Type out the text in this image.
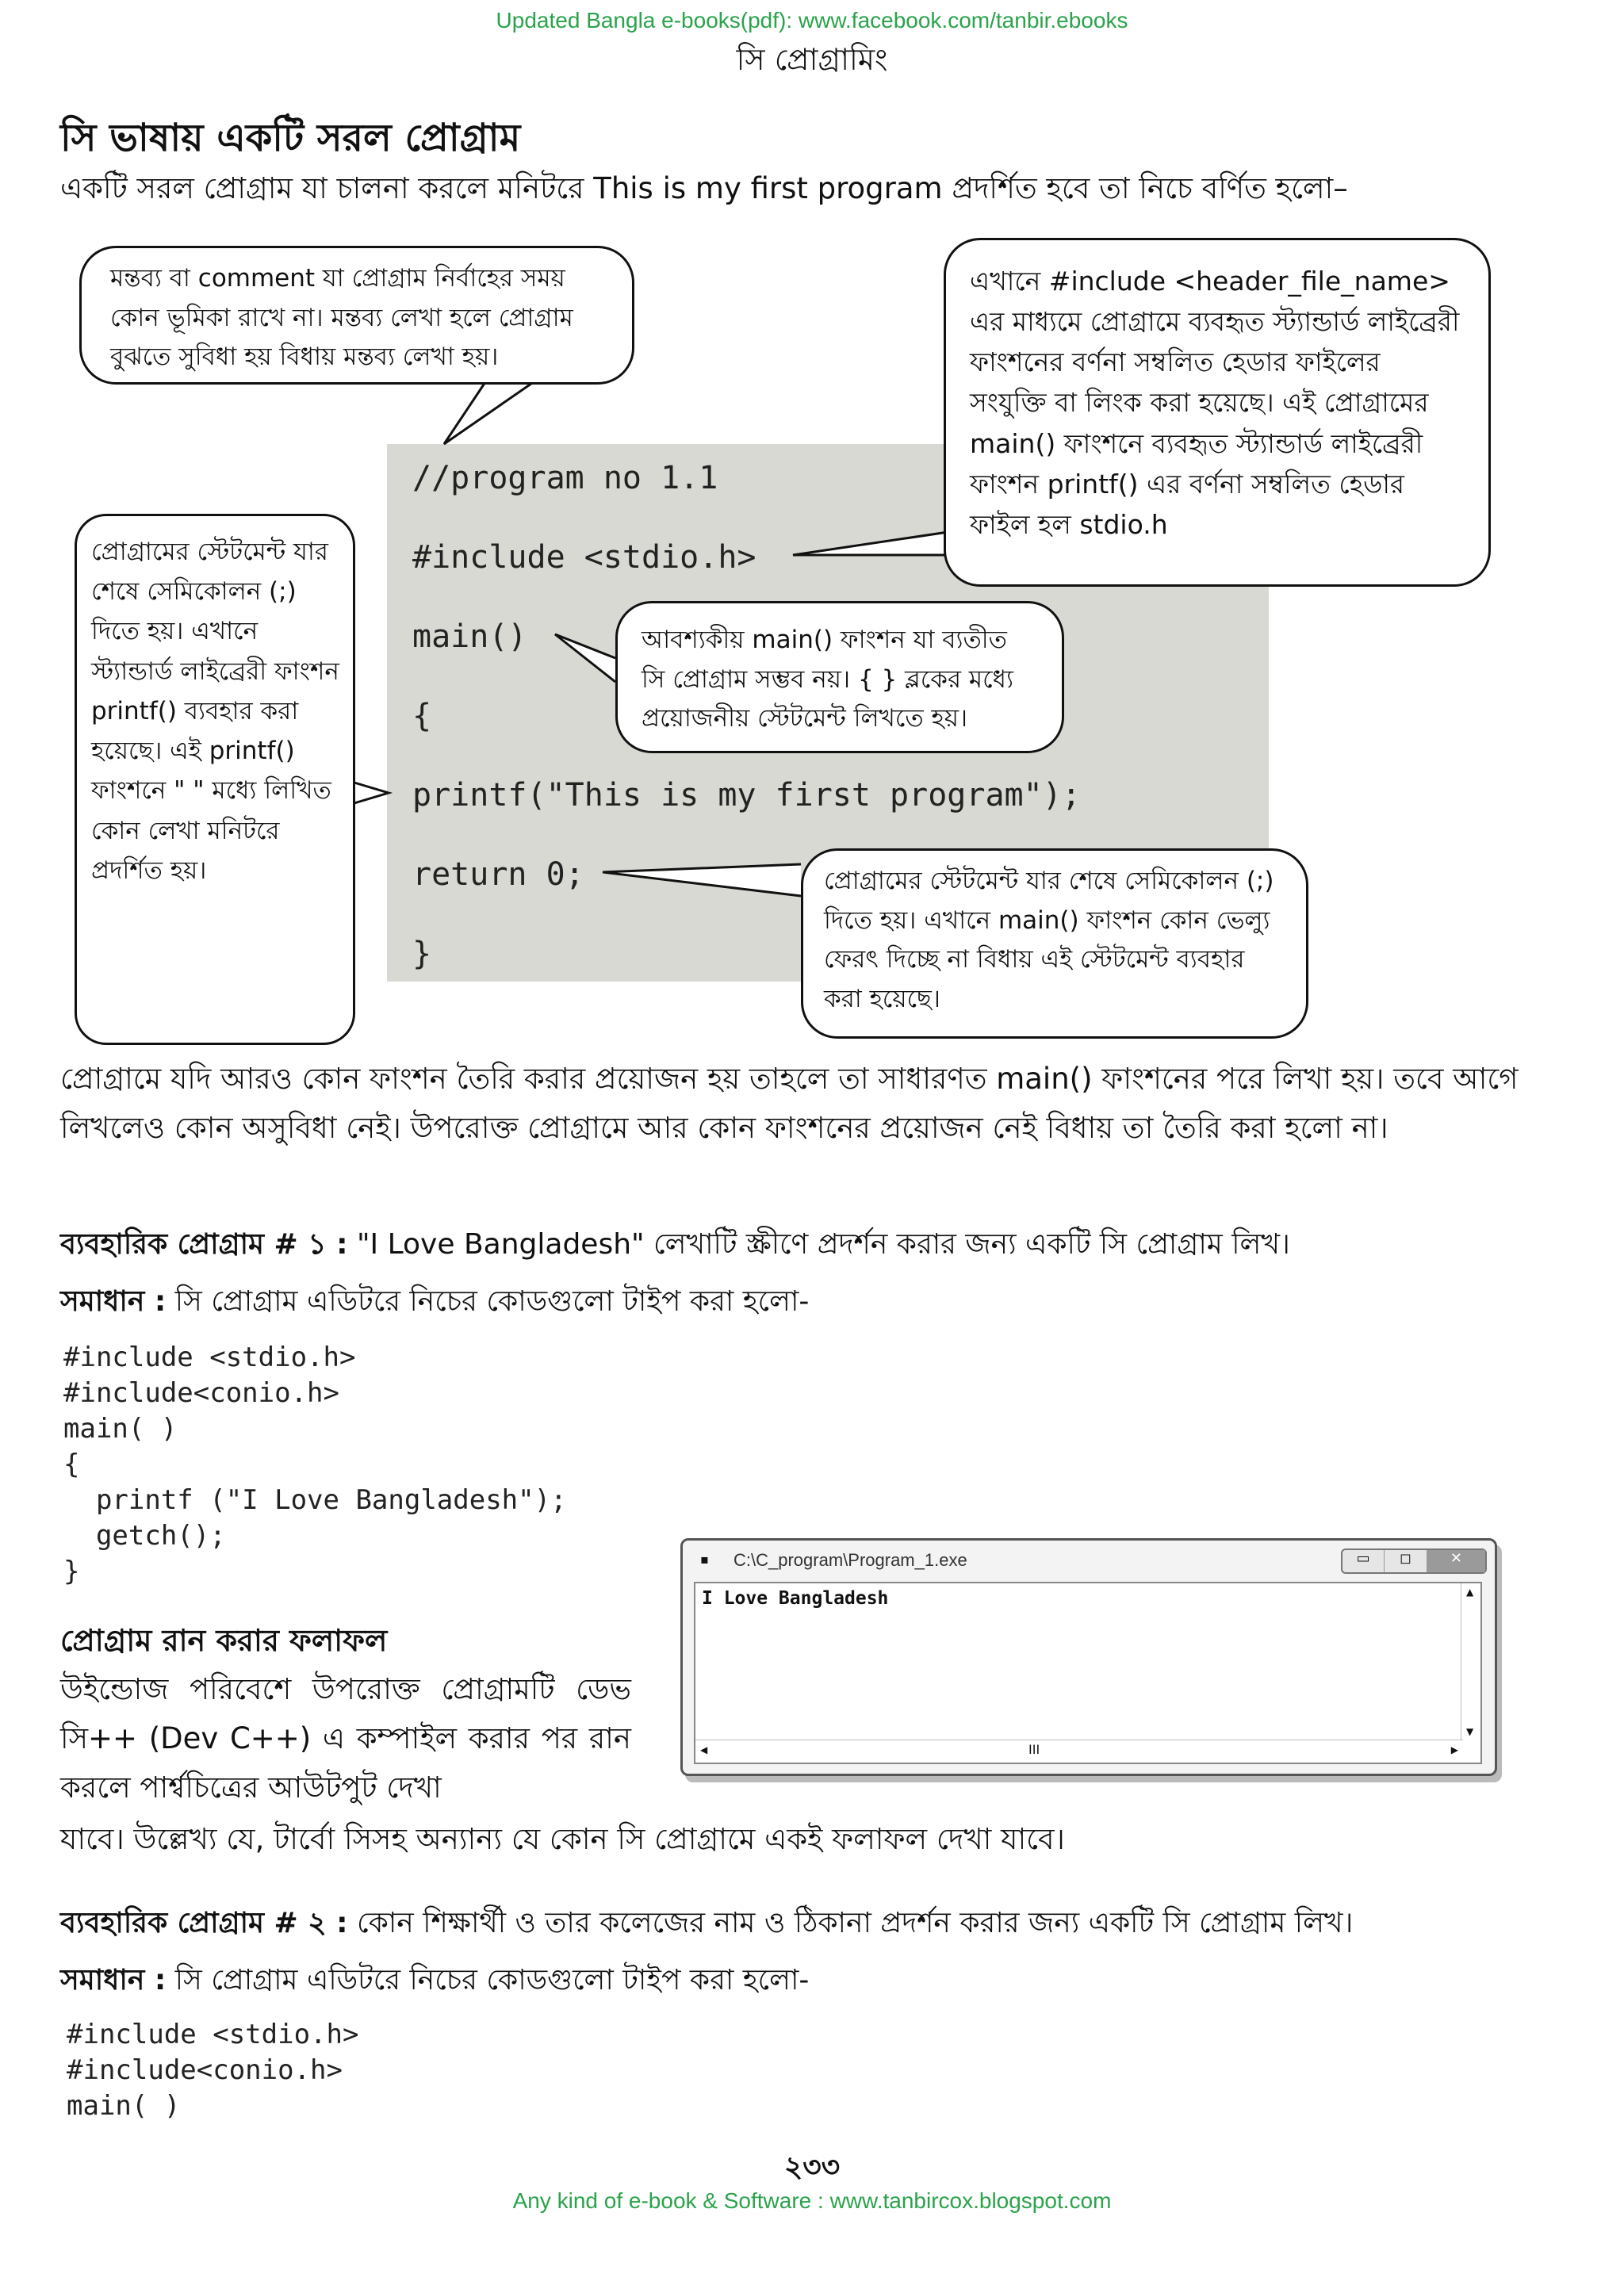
Updated Bangla e-books(pdf): www.facebook.com/tanbir.ebooks
সি প্রোগ্রামিং
সি ভাষায় একটি সরল প্রোগ্রাম
একটি সরল প্রোগ্রাম যা চালনা করলে মনিটরে This is my first program প্রদর্শিত হবে তা নিচে বর্ণিত হলো–
//program no 1.1
#include <stdio.h>
main()
{
printf("This is my first program");
return 0;
}
মন্তব্য বা comment যা প্রোগ্রাম নির্বাহের সময় কোন ভূমিকা রাখে না। মন্তব্য লেখা হলে প্রোগ্রাম বুঝতে সুবিধা হয় বিধায় মন্তব্য লেখা হয়।
এখানে #include <header_file_name> এর মাধ্যমে প্রোগ্রামে ব্যবহৃত স্ট্যান্ডার্ড লাইব্রেরী ফাংশনের বর্ণনা সম্বলিত হেডার ফাইলের সংযুক্তি বা লিংক করা হয়েছে। এই প্রোগ্রামের main() ফাংশনে ব্যবহৃত স্ট্যান্ডার্ড লাইব্রেরী ফাংশন printf() এর বর্ণনা সম্বলিত হেডার ফাইল হল stdio.h
প্রোগ্রামের স্টেটমেন্ট যার শেষে সেমিকোলন (;) দিতে হয়। এখানে স্ট্যান্ডার্ড লাইব্রেরী ফাংশন printf() ব্যবহার করা হয়েছে। এই printf() ফাংশনে " " মধ্যে লিখিত কোন লেখা মনিটরে প্রদর্শিত হয়।
আবশ্যকীয় main() ফাংশন যা ব্যতীত সি প্রোগ্রাম সম্ভব নয়। { } ব্লকের মধ্যে প্রয়োজনীয় স্টেটমেন্ট লিখতে হয়।
প্রোগ্রামের স্টেটমেন্ট যার শেষে সেমিকোলন (;) দিতে হয়। এখানে main() ফাংশন কোন ভেল্যু ফেরৎ দিচ্ছে না বিধায় এই স্টেটমেন্ট ব্যবহার করা হয়েছে।
প্রোগ্রামে যদি আরও কোন ফাংশন তৈরি করার প্রয়োজন হয় তাহলে তা সাধারণত main() ফাংশনের পরে লিখা হয়। তবে আগে লিখলেও কোন অসুবিধা নেই। উপরোক্ত প্রোগ্রামে আর কোন ফাংশনের প্রয়োজন নেই বিধায় তা তৈরি করা হলো না।
ব্যবহারিক প্রোগ্রাম # ১ : "I Love Bangladesh" লেখাটি স্ক্রীণে প্রদর্শন করার জন্য একটি সি প্রোগ্রাম লিখ।
সমাধান : সি প্রোগ্রাম এডিটরে নিচের কোডগুলো টাইপ করা হলো-
#include <stdio.h>
#include<conio.h>
main( )
{
printf ("I Love Bangladesh");
getch();
}
প্রোগ্রাম রান করার ফলাফল
উইন্ডোজ পরিবেশে উপরোক্ত প্রোগ্রামটি ডেভ সি++ (Dev C++) এ কম্পাইল করার পর রান করলে পার্শ্বচিত্রের আউটপুট দেখা
যাবে। উল্লেখ্য যে, টার্বো সিসহ অন্যান্য যে কোন সি প্রোগ্রামে একই ফলাফল দেখা যাবে।
▪ C:\C_program\Program_1.exe	▭	◻	✕
I Love Bangladesh	▲
▼
◀	III	▶
ব্যবহারিক প্রোগ্রাম # ২ : কোন শিক্ষার্থী ও তার কলেজের নাম ও ঠিকানা প্রদর্শন করার জন্য একটি সি প্রোগ্রাম লিখ।
সমাধান : সি প্রোগ্রাম এডিটরে নিচের কোডগুলো টাইপ করা হলো-
#include <stdio.h>
#include<conio.h>
main( )
২৩৩
Any kind of e-book & Software : www.tanbircox.blogspot.com
